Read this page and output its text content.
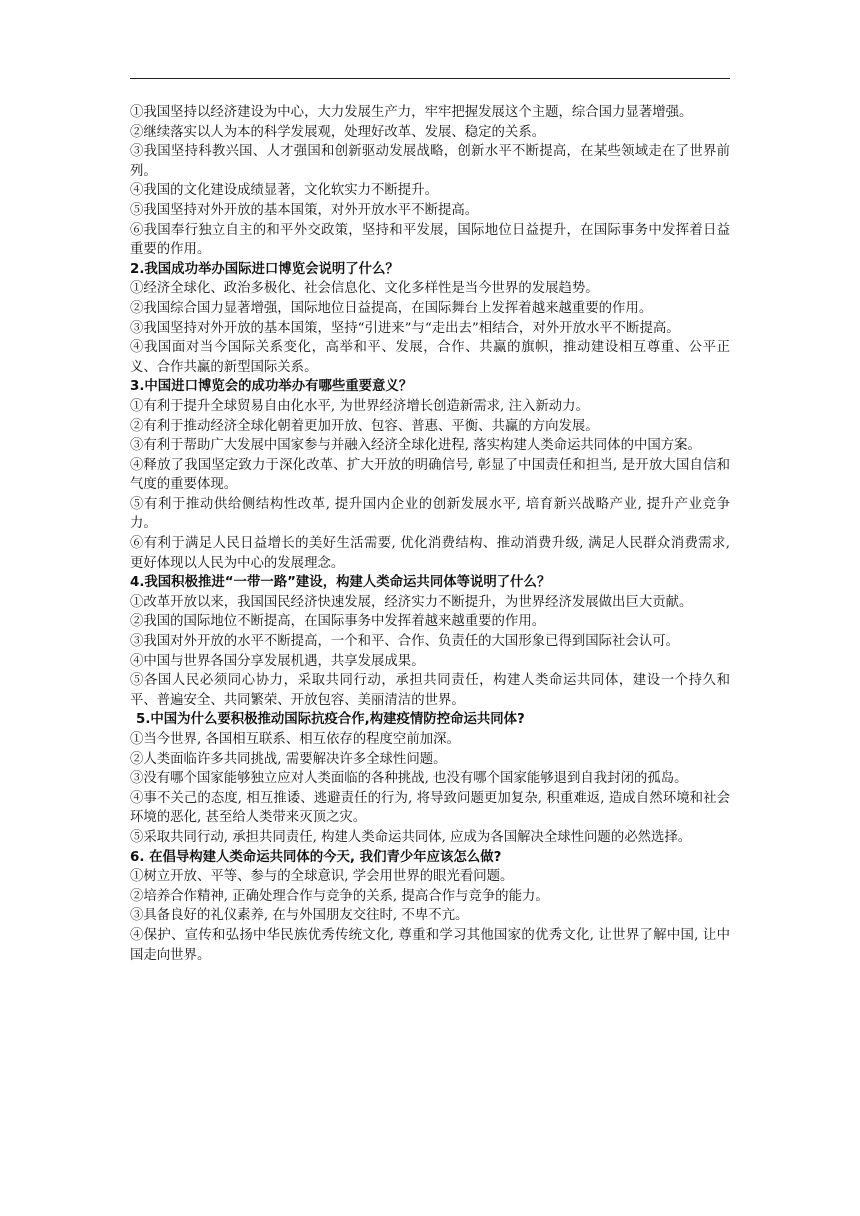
①我国坚持以经济建设为中心，大力发展生产力，牢牢把握发展这个主题，综合国力显著增强。

②继续落实以人为本的科学发展观，处理好改革、发展、稳定的关系。

③我国坚持科教兴国、人才强国和创新驱动发展战略，创新水平不断提高，在某些领域走在了世界前列。

④我国的文化建设成绩显著，文化软实力不断提升。

⑤我国坚持对外开放的基本国策，对外开放水平不断提高。

⑥我国奉行独立自主的和平外交政策，坚持和平发展，国际地位日益提升，在国际事务中发挥着日益重要的作用。

2.我国成功举办国际进口博览会说明了什么？

①经济全球化、政治多极化、社会信息化、文化多样性是当今世界的发展趋势。

②我国综合国力显著增强，国际地位日益提高，在国际舞台上发挥着越来越重要的作用。

③我国坚持对外开放的基本国策，坚持“引进来”与“走出去”相结合，对外开放水平不断提高。

④我国面对当今国际关系变化，高举和平、发展，合作、共赢的旗帜，推动建设相互尊重、公平正义、合作共赢的新型国际关系。

3.中国进口博览会的成功举办有哪些重要意义？

①有利于提升全球贸易自由化水平, 为世界经济增长创造新需求, 注入新动力。

②有利于推动经济全球化朝着更加开放、包容、普惠、平衡、共赢的方向发展。

③有利于帮助广大发展中国家参与并融入经济全球化进程, 落实构建人类命运共同体的中国方案。

④释放了我国坚定致力于深化改革、扩大开放的明确信号, 彰显了中国责任和担当, 是开放大国自信和气度的重要体现。

⑤有利于推动供给侧结构性改革, 提升国内企业的创新发展水平, 培育新兴战略产业, 提升产业竞争力。

⑥有利于满足人民日益增长的美好生活需要, 优化消费结构、推动消费升级, 满足人民群众消费需求, 更好体现以人民为中心的发展理念。

4.我国积极推进“一带一路”建设，构建人类命运共同体等说明了什么？

①改革开放以来，我国国民经济快速发展，经济实力不断提升，为世界经济发展做出巨大贡献。

②我国的国际地位不断提高，在国际事务中发挥着越来越重要的作用。

③我国对外开放的水平不断提高，一个和平、合作、负责任的大国形象已得到国际社会认可。

④中国与世界各国分享发展机遇，共享发展成果。

⑤各国人民必须同心协力，采取共同行动，承担共同责任，构建人类命运共同体，建设一个持久和平、普遍安全、共同繁荣、开放包容、美丽清洁的世界。

5.中国为什么要积极推动国际抗疫合作,构建疫情防控命运共同体?

①当今世界, 各国相互联系、相互依存的程度空前加深。

②人类面临许多共同挑战, 需要解决许多全球性问题。

③没有哪个国家能够独立应对人类面临的各种挑战, 也没有哪个国家能够退到自我封闭的孤岛。

④事不关己的态度, 相互推诿、逃避责任的行为, 将导致问题更加复杂, 积重难返, 造成自然环境和社会环境的恶化, 甚至给人类带来灭顶之灾。

⑤采取共同行动, 承担共同责任, 构建人类命运共同体, 应成为各国解决全球性问题的必然选择。

6. 在倡导构建人类命运共同体的今天, 我们青少年应该怎么做?

①树立开放、平等、参与的全球意识, 学会用世界的眼光看问题。

②培养合作精神, 正确处理合作与竞争的关系, 提高合作与竞争的能力。

③具备良好的礼仪素养, 在与外国朋友交往时, 不卑不亢。

④保护、宣传和弘扬中华民族优秀传统文化, 尊重和学习其他国家的优秀文化, 让世界了解中国, 让中国走向世界。
